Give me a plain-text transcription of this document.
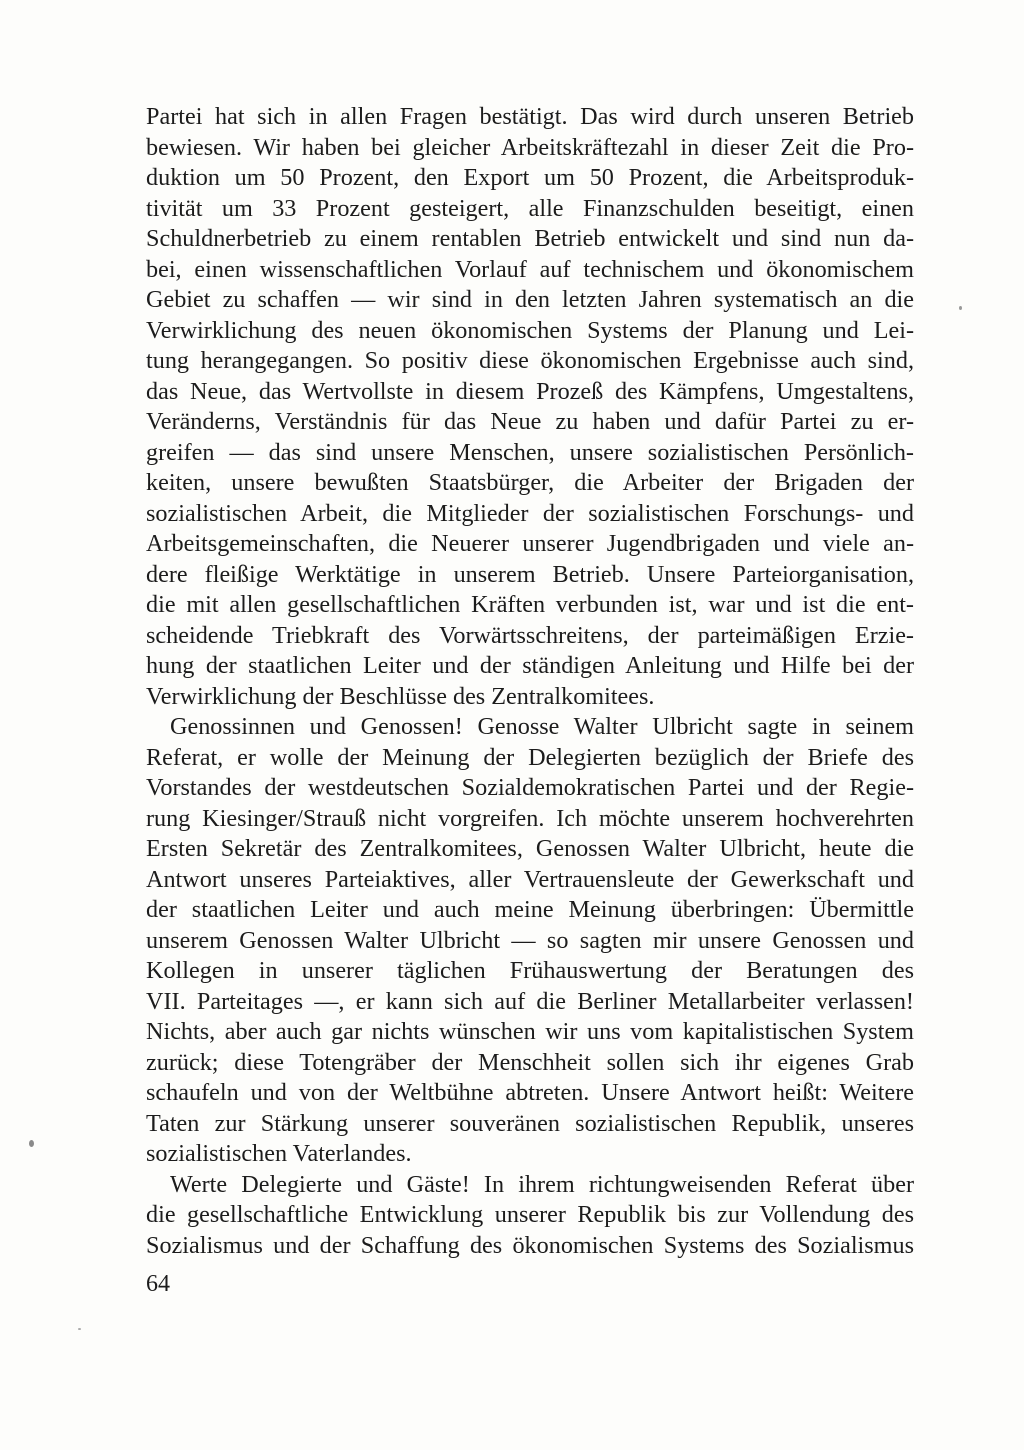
Partei hat sich in allen Fragen bestätigt. Das wird durch unseren Betrieb
bewiesen. Wir haben bei gleicher Arbeitskräftezahl in dieser Zeit die Pro-
duktion um 50 Prozent, den Export um 50 Prozent, die Arbeitsproduk-
tivität um 33 Prozent gesteigert, alle Finanzschulden beseitigt, einen
Schuldnerbetrieb zu einem rentablen Betrieb entwickelt und sind nun da-
bei, einen wissenschaftlichen Vorlauf auf technischem und ökonomischem
Gebiet zu schaffen — wir sind in den letzten Jahren systematisch an die
Verwirklichung des neuen ökonomischen Systems der Planung und Lei-
tung herangegangen. So positiv diese ökonomischen Ergebnisse auch sind,
das Neue, das Wertvollste in diesem Prozeß des Kämpfens, Umgestaltens,
Veränderns, Verständnis für das Neue zu haben und dafür Partei zu er-
greifen — das sind unsere Menschen, unsere sozialistischen Persönlich-
keiten, unsere bewußten Staatsbürger, die Arbeiter der Brigaden der
sozialistischen Arbeit, die Mitglieder der sozialistischen Forschungs- und
Arbeitsgemeinschaften, die Neuerer unserer Jugendbrigaden und viele an-
dere fleißige Werktätige in unserem Betrieb. Unsere Parteiorganisation,
die mit allen gesellschaftlichen Kräften verbunden ist, war und ist die ent-
scheidende Triebkraft des Vorwärtsschreitens, der parteimäßigen Erzie-
hung der staatlichen Leiter und der ständigen Anleitung und Hilfe bei der
Verwirklichung der Beschlüsse des Zentralkomitees.
Genossinnen und Genossen! Genosse Walter Ulbricht sagte in seinem
Referat, er wolle der Meinung der Delegierten bezüglich der Briefe des
Vorstandes der westdeutschen Sozialdemokratischen Partei und der Regie-
rung Kiesinger/Strauß nicht vorgreifen. Ich möchte unserem hochverehrten
Ersten Sekretär des Zentralkomitees, Genossen Walter Ulbricht, heute die
Antwort unseres Parteiaktives, aller Vertrauensleute der Gewerkschaft und
der staatlichen Leiter und auch meine Meinung überbringen: Übermittle
unserem Genossen Walter Ulbricht — so sagten mir unsere Genossen und
Kollegen in unserer täglichen Frühauswertung der Beratungen des
VII. Parteitages —, er kann sich auf die Berliner Metallarbeiter verlassen!
Nichts, aber auch gar nichts wünschen wir uns vom kapitalistischen System
zurück; diese Totengräber der Menschheit sollen sich ihr eigenes Grab
schaufeln und von der Weltbühne abtreten. Unsere Antwort heißt: Weitere
Taten zur Stärkung unserer souveränen sozialistischen Republik, unseres
sozialistischen Vaterlandes.
Werte Delegierte und Gäste! In ihrem richtungweisenden Referat über
die gesellschaftliche Entwicklung unserer Republik bis zur Vollendung des
Sozialismus und der Schaffung des ökonomischen Systems des Sozialismus
64
